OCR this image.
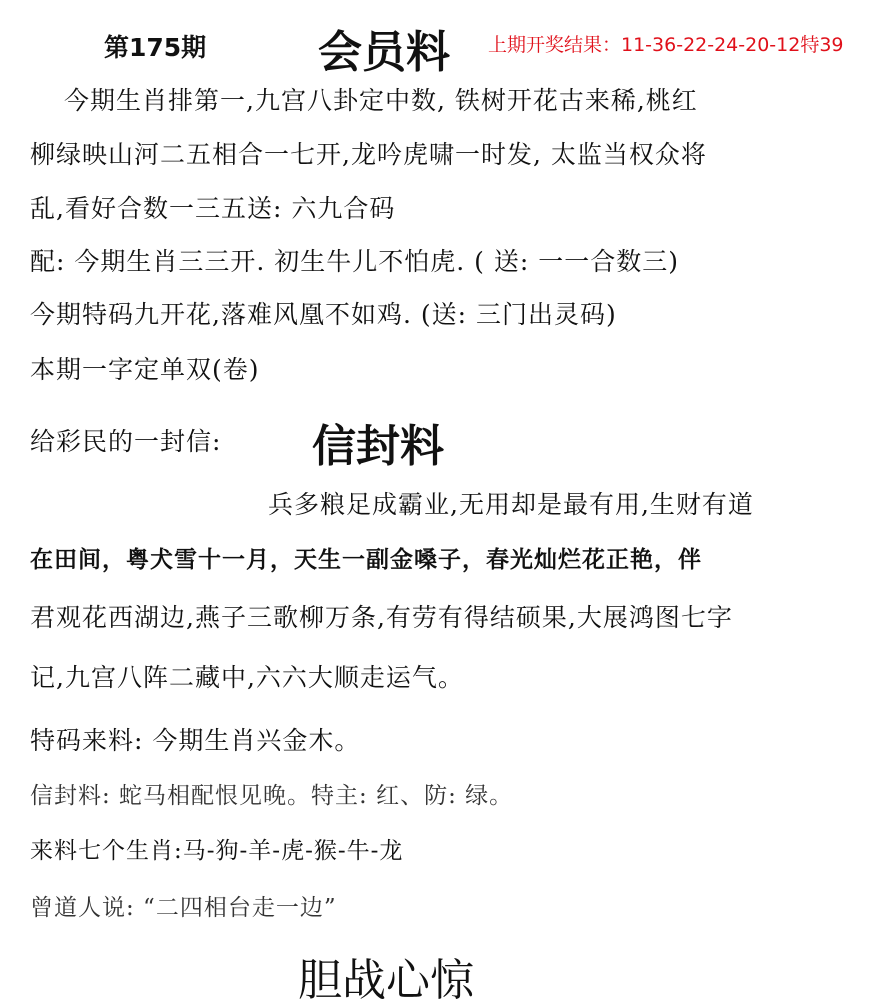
第175期	会员料 上期开奖结果：11-36-22-24-20-12特39
今期生肖排第一,九宫八卦定中数, 铁树开花古来稀,桃红
柳绿映山河二五相合一七开,龙吟虎啸一时发, 太监当权众将
乱,看好合数一三五送: 六九合码
配: 今期生肖三三开. 初生牛儿不怕虎. ( 送: 一一合数三)
今期特码九开花,落难风凰不如鸡. (送: 三门出灵码)
本期一字定单双(卷)
给彩民的一封信: 信封料
兵多粮足成霸业,无用却是最有用,生财有道
在田间，粤犬雪十一月，天生一副金嗓子，春光灿烂花正艳，伴
君观花西湖边,燕子三歌柳万条,有劳有得结硕果,大展鸿图七字
记,九宫八阵二藏中,六六大顺走运气。
特码来料: 今期生肖兴金木。
信封料: 蛇马相配恨见晚。特主: 红、防: 绿。
来料七个生肖:马-狗-羊-虎-猴-牛-龙
曾道人说: “二四相台走一边”
胆战心惊
